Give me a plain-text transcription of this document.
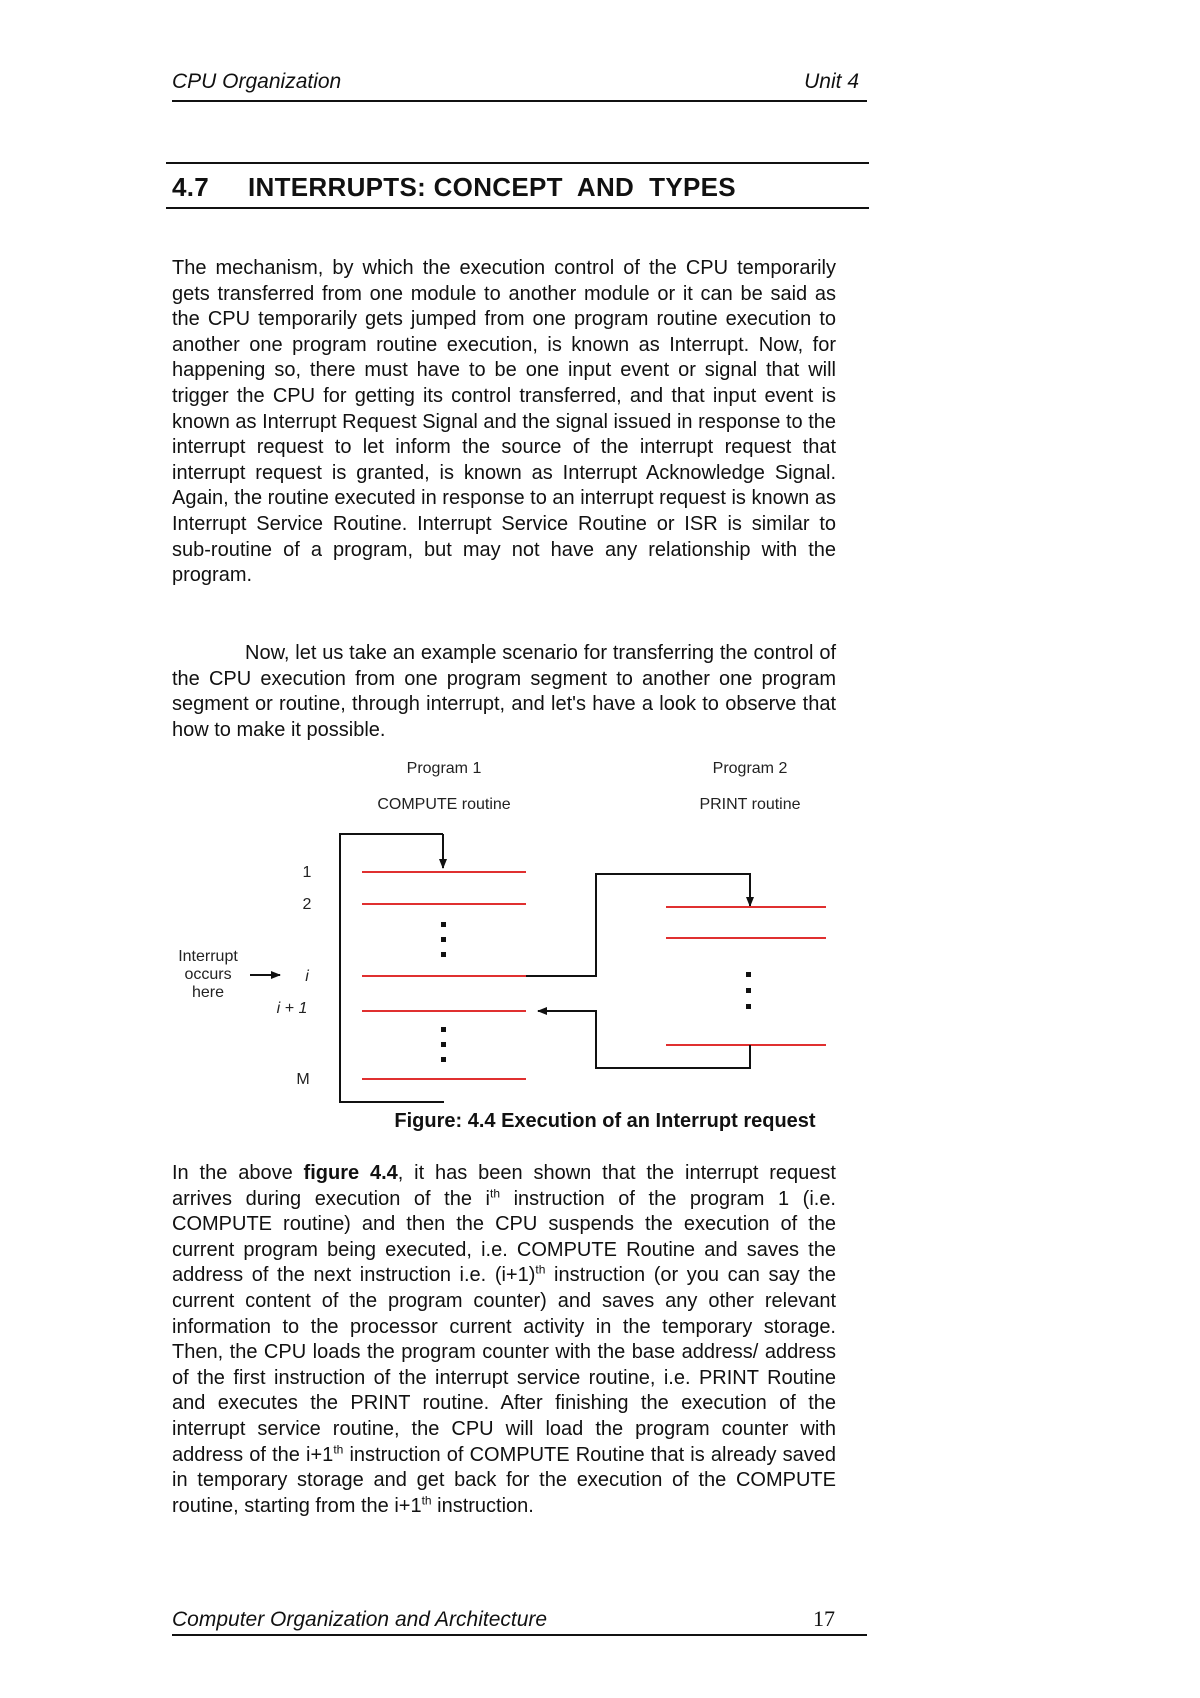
CPU Organization	Unit 4
4.7 INTERRUPTS: CONCEPT  AND  TYPES

The mechanism, by which the execution control of the CPU temporarily gets transferred from one module to another module or it can be said as the CPU temporarily gets jumped from one program routine execution to another one program routine execution, is known as Interrupt. Now, for happening so, there must have to be one input event or signal that will trigger the CPU for getting its control transferred, and that input event is known as Interrupt Request Signal and the signal issued in response to the interrupt request to let inform the source of the interrupt request that interrupt request is granted, is known as Interrupt Acknowledge Signal. Again, the routine executed in response to an interrupt request is known as Interrupt Service Routine. Interrupt Service Routine or ISR is similar to sub-routine of a program, but may not have any relationship with the program.

Now, let us take an example scenario for transferring the control of the CPU execution from one program segment to another one program segment or routine, through interrupt, and let's have a look to observe that how to make it possible.

Program 1
COMPUTE routine
Program 2
PRINT routine
1
2
i
i + 1
M
Interrupt
occurs
here
Figure: 4.4 Execution of an Interrupt request

In the above figure 4.4, it has been shown that the interrupt request arrives during execution of the $i^{th}$ instruction of the program 1 (i.e. COMPUTE routine) and then the CPU suspends the execution of the current program being executed, i.e. COMPUTE Routine and saves the address of the next instruction i.e. $(i+1)^{th}$ instruction (or you can say the current content of the program counter) and saves any other relevant information to the processor current activity in the temporary storage. Then, the CPU loads the program counter with the base address/ address of the first instruction of the interrupt service routine, i.e. PRINT Routine and executes the PRINT routine. After finishing the execution of the interrupt service routine, the CPU will load the program counter with address of the i+1th instruction of COMPUTE Routine that is already saved in temporary storage and get back for the execution of the COMPUTE routine, starting from the i+1th instruction.

Computer Organization and Architecture	17
